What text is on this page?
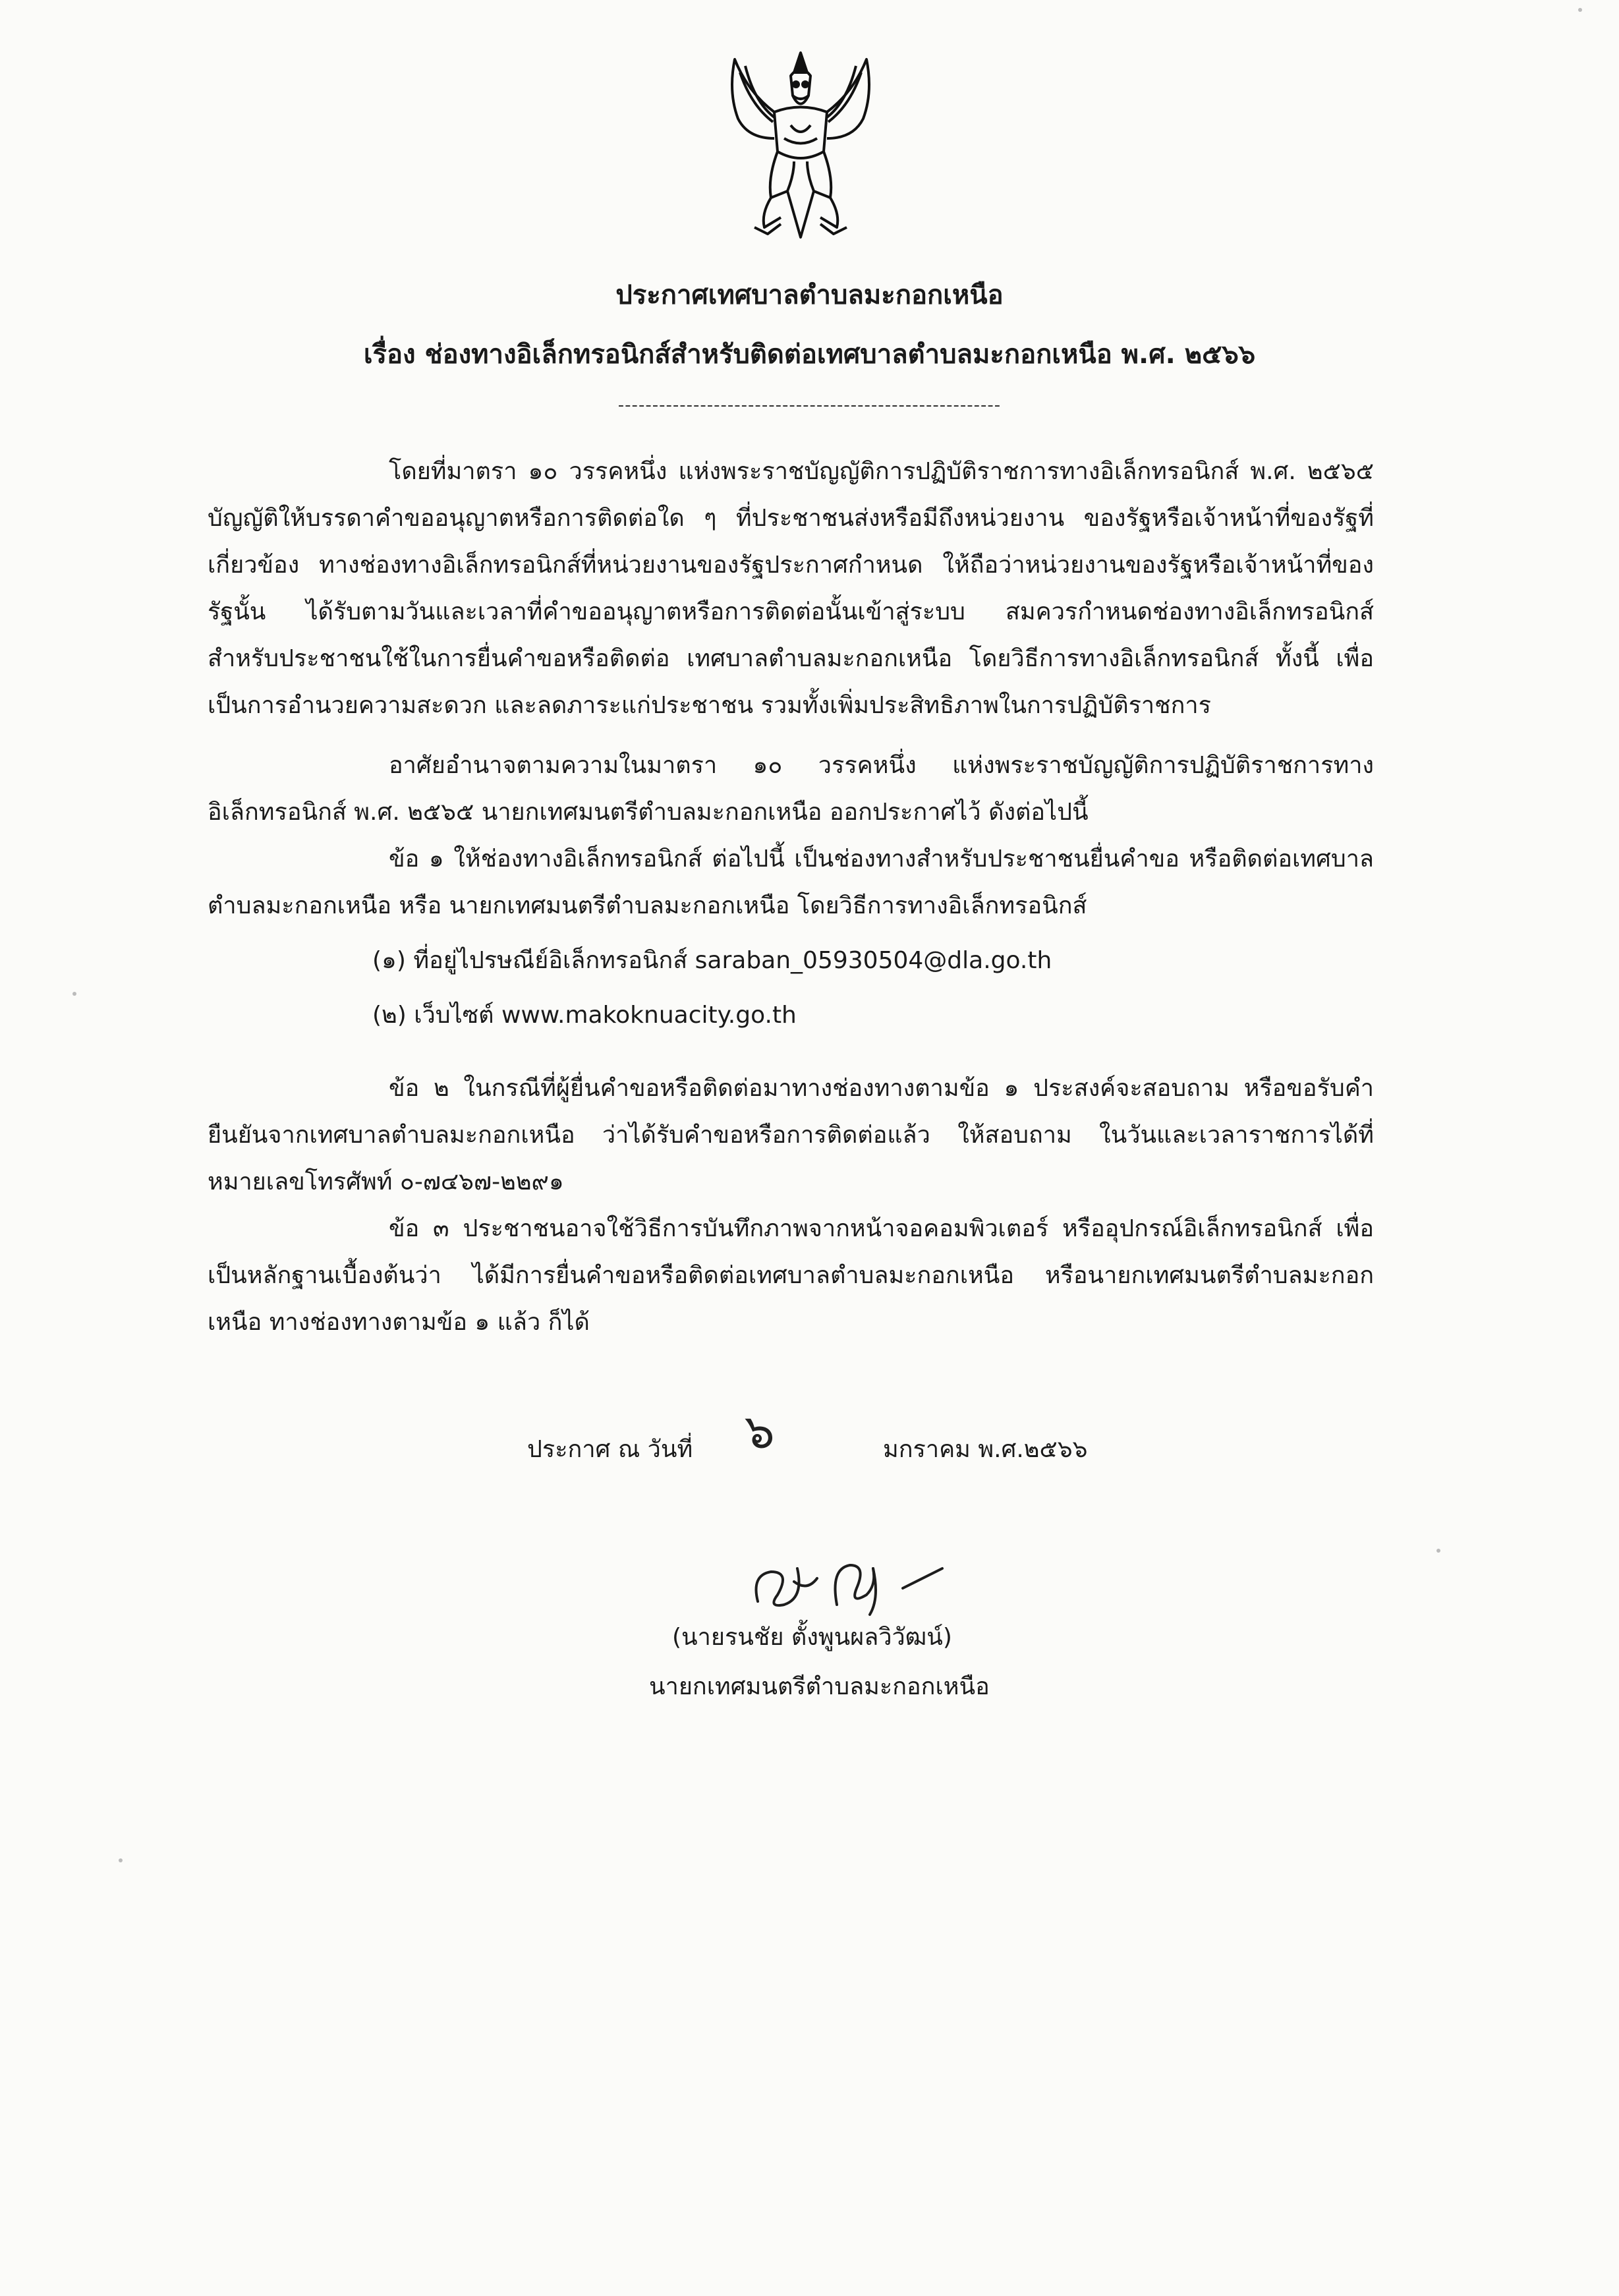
ประกาศเทศบาลตำบลมะกอกเหนือ
เรื่อง ช่องทางอิเล็กทรอนิกส์สำหรับติดต่อเทศบาลตำบลมะกอกเหนือ พ.ศ. ๒๕๖๖
--------------------------------------------------------

โดยที่มาตรา ๑๐ วรรคหนึ่ง แห่งพระราชบัญญัติการปฏิบัติราชการทางอิเล็กทรอนิกส์ พ.ศ. ๒๕๖๕ บัญญัติให้บรรดาคำขออนุญาตหรือการติดต่อใด ๆ ที่ประชาชนส่งหรือมีถึงหน่วยงาน ของรัฐหรือเจ้าหน้าที่ของรัฐที่เกี่ยวข้อง ทางช่องทางอิเล็กทรอนิกส์ที่หน่วยงานของรัฐประกาศกำหนด ให้ถือว่าหน่วยงานของรัฐหรือเจ้าหน้าที่ของรัฐนั้น ได้รับตามวันและเวลาที่คำขออนุญาตหรือการติดต่อนั้นเข้าสู่ระบบ สมควรกำหนดช่องทางอิเล็กทรอนิกส์สำหรับประชาชนใช้ในการยื่นคำขอหรือติดต่อ เทศบาลตำบลมะกอกเหนือ โดยวิธีการทางอิเล็กทรอนิกส์ ทั้งนี้ เพื่อเป็นการอำนวยความสะดวก และลดภาระแก่ประชาชน รวมทั้งเพิ่มประสิทธิภาพในการปฏิบัติราชการ

อาศัยอำนาจตามความในมาตรา ๑๐ วรรคหนึ่ง แห่งพระราชบัญญัติการปฏิบัติราชการทางอิเล็กทรอนิกส์ พ.ศ. ๒๕๖๕ นายกเทศมนตรีตำบลมะกอกเหนือ ออกประกาศไว้ ดังต่อไปนี้

ข้อ ๑ ให้ช่องทางอิเล็กทรอนิกส์ ต่อไปนี้ เป็นช่องทางสำหรับประชาชนยื่นคำขอ หรือติดต่อเทศบาลตำบลมะกอกเหนือ หรือ นายกเทศมนตรีตำบลมะกอกเหนือ โดยวิธีการทางอิเล็กทรอนิกส์

(๑) ที่อยู่ไปรษณีย์อิเล็กทรอนิกส์ saraban_05930504@dla.go.th

(๒) เว็บไซต์ www.makoknuacity.go.th

ข้อ ๒ ในกรณีที่ผู้ยื่นคำขอหรือติดต่อมาทางช่องทางตามข้อ ๑ ประสงค์จะสอบถาม หรือขอรับคำยืนยันจากเทศบาลตำบลมะกอกเหนือ ว่าได้รับคำขอหรือการติดต่อแล้ว ให้สอบถาม ในวันและเวลาราชการได้ที่หมายเลขโทรศัพท์ ๐-๗๔๖๗-๒๒๙๑

ข้อ ๓ ประชาชนอาจใช้วิธีการบันทึกภาพจากหน้าจอคอมพิวเตอร์ หรืออุปกรณ์อิเล็กทรอนิกส์ เพื่อเป็นหลักฐานเบื้องต้นว่า ได้มีการยื่นคำขอหรือติดต่อเทศบาลตำบลมะกอกเหนือ หรือนายกเทศมนตรีตำบลมะกอกเหนือ ทางช่องทางตามข้อ ๑ แล้ว ก็ได้

ประกาศ ณ วันที่ ๖	มกราคม พ.ศ.๒๕๖๖
(นายรนชัย ตั้งพูนผลวิวัฒน์)
นายกเทศมนตรีตำบลมะกอกเหนือ
